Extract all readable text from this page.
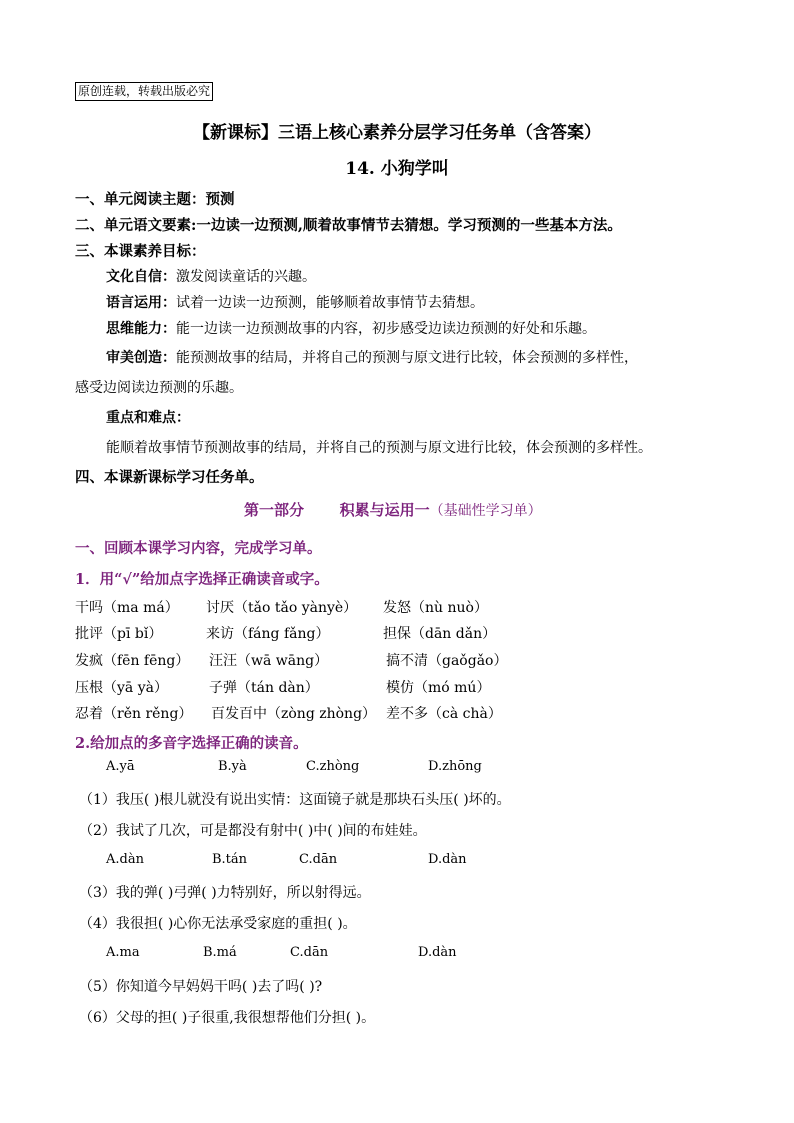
原创连载，转载出版必究
【新课标】三语上核心素养分层学习任务单（含答案）
14. 小狗学叫
一、单元阅读主题：预测
二、单元语文要素:一边读一边预测,顺着故事情节去猜想。学习预测的一些基本方法。
三、本课素养目标：
文化自信：激发阅读童话的兴趣。
语言运用：试着一边读一边预测，能够顺着故事情节去猜想。
思维能力：能一边读一边预测故事的内容，初步感受边读边预测的好处和乐趣。
审美创造：能预测故事的结局，并将自己的预测与原文进行比较，体会预测的多样性，
感受边阅读边预测的乐趣。
重点和难点：
能顺着故事情节预测故事的结局，并将自己的预测与原文进行比较，体会预测的多样性。
四、本课新课标学习任务单。
第一部分 积累与运用一（基础性学习单）
一、回顾本课学习内容，完成学习单。
1．用“√”给加点字选择正确读音或字。
干吗（ma má） 讨厌（tǎo tǎo yànyè） 发怒（nù nuò）
批评（pī bǐ）	来访（fáng fǎng）	担保（dān dǎn）
发疯（fēn fēng） 汪汪（wā wāng）	搞不清（gaǒgǎo）
压根（yā yà）	子弹（tán dàn）	模仿（mó mú）
忍着（rěn rěng） 百发百中（zòng zhòng） 差不多（cà chà）
2.给加点的多音字选择正确的读音。
A.yā	B.yà	C.zhòng	D.zhōng
（1）我压( )根儿就没有说出实情：这面镜子就是那块石头压( )坏的。
（2）我试了几次，可是都没有射中( )中( )间的布娃娃。
A.dàn	B.tán	C.dān	D.dàn
（3）我的弹( )弓弹( )力特别好，所以射得远。
（4）我很担( )心你无法承受家庭的重担( )。
A.ma	B.má	C.dān	D.dàn
（5）你知道今早妈妈干吗( )去了吗( )?
（6）父母的担( )子很重,我很想帮他们分担( )。
